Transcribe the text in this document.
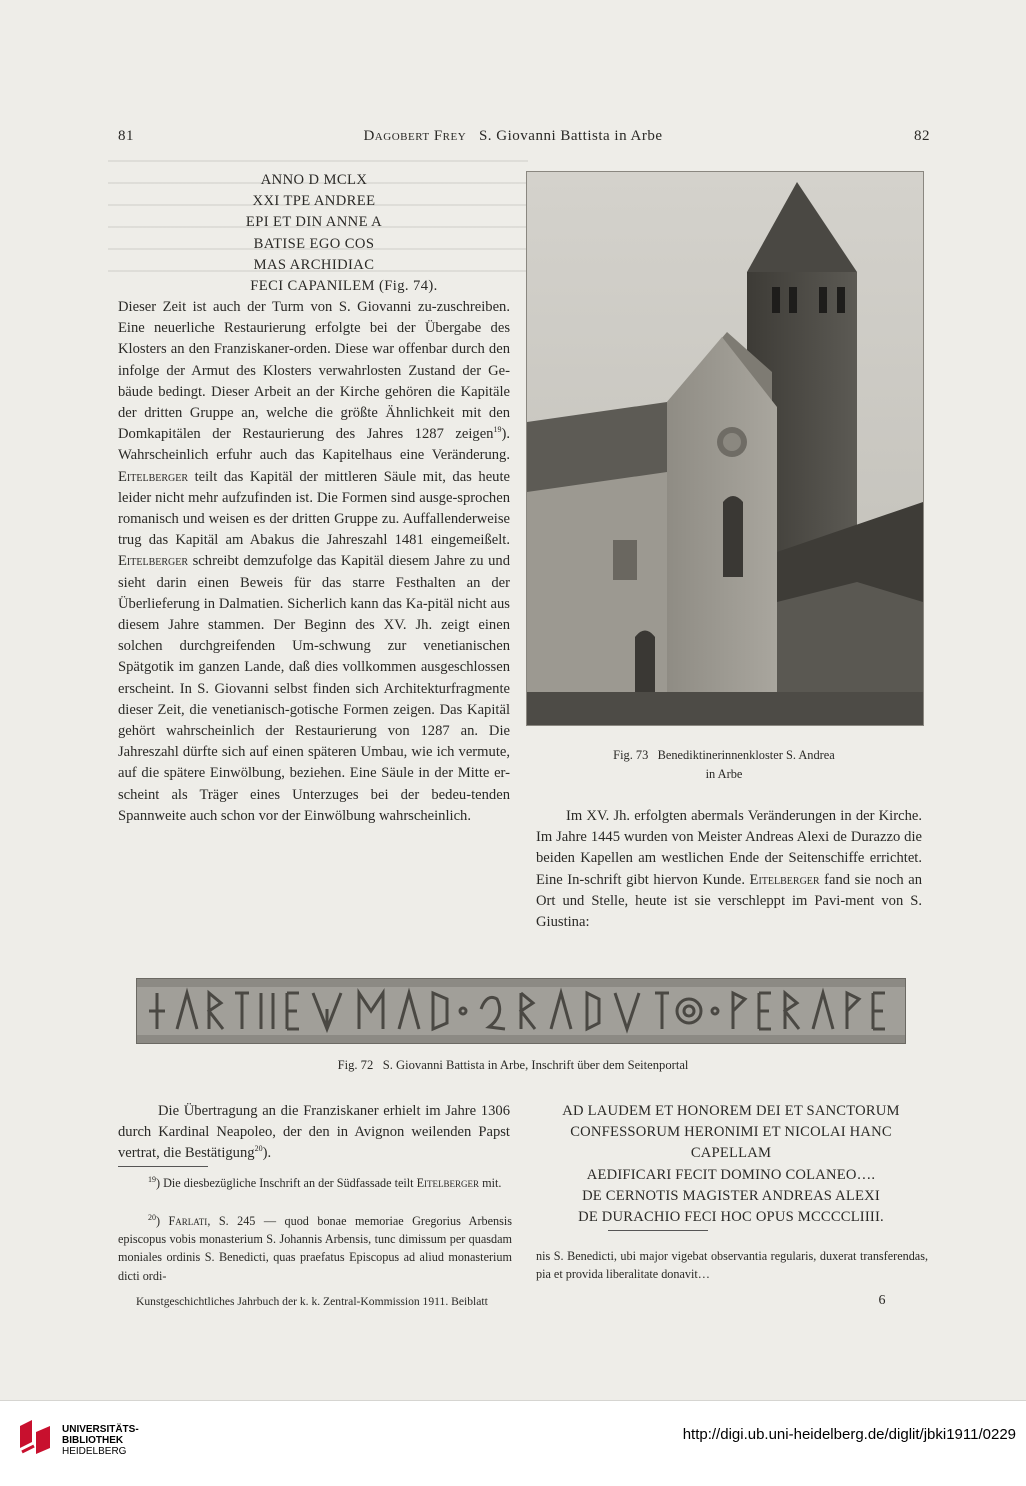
81	Dagobert Frey S. Giovanni Battista in Arbe	82
ANNO D MCLX
XXI TPE ANDREE
EPI ET DIN ANNE A
BATISE EGO COS
MAS ARCHIDIAC
FECI CAPANILEM (Fig. 74).

Dieser Zeit ist auch der Turm von S. Giovanni zu-zuschreiben. Eine neuerliche Restaurierung erfolgte bei der Übergabe des Klosters an den Franziskaner-orden. Diese war offenbar durch den infolge der Armut des Klosters verwahrlosten Zustand der Ge-bäude bedingt. Dieser Arbeit an der Kirche gehören die Kapitäle der dritten Gruppe an, welche die größte Ähnlichkeit mit den Domkapitälen der Restaurierung des Jahres 1287 zeigen$^{19}$). Wahrscheinlich erfuhr auch das Kapitelhaus eine Veränderung. Eitelberger teilt das Kapitäl der mittleren Säule mit, das heute leider nicht mehr aufzufinden ist. Die Formen sind ausge-sprochen romanisch und weisen es der dritten Gruppe zu. Auffallenderweise trug das Kapitäl am Abakus die Jahreszahl 1481 eingemeißelt. Eitelberger schreibt demzufolge das Kapitäl diesem Jahre zu und sieht darin einen Beweis für das starre Festhalten an der Überlieferung in Dalmatien. Sicherlich kann das Ka-pitäl nicht aus diesem Jahre stammen. Der Beginn des XV. Jh. zeigt einen solchen durchgreifenden Um-schwung zur venetianischen Spätgotik im ganzen Lande, daß dies vollkommen ausgeschlossen erscheint. In S. Giovanni selbst finden sich Architekturfragmente dieser Zeit, die venetianisch-gotische Formen zeigen. Das Kapitäl gehört wahrscheinlich der Restaurierung von 1287 an. Die Jahreszahl dürfte sich auf einen späteren Umbau, wie ich vermute, auf die spätere Einwölbung, beziehen. Eine Säule in der Mitte er-scheint als Träger eines Unterzuges bei der bedeu-tenden Spannweite auch schon vor der Einwölbung wahrscheinlich.

Fig. 73 Benediktinerinnenkloster S. Andrea
in Arbe

Im XV. Jh. erfolgten abermals Veränderungen in der Kirche. Im Jahre 1445 wurden von Meister Andreas Alexi de Durazzo die beiden Kapellen am westlichen Ende der Seitenschiffe errichtet. Eine In-schrift gibt hiervon Kunde. Eitelberger fand sie noch an Ort und Stelle, heute ist sie verschleppt im Pavi-ment von S. Giustina:

Fig. 72 S. Giovanni Battista in Arbe, Inschrift über dem Seitenportal

Die Übertragung an die Franziskaner erhielt im Jahre 1306 durch Kardinal Neapoleo, der den in Avignon weilenden Papst vertrat, die Bestätigung$^{20}$).

$^{19}$) Die diesbezügliche Inschrift an der Südfassade teilt Eitelberger mit.
$^{20}$) Farlati, S. 245 — quod bonae memoriae Gregorius Arbensis episcopus vobis monasterium S. Johannis Arbensis, tunc dimissum per quasdam moniales ordinis S. Benedicti, quas praefatus Episcopus ad aliud monasterium dicti ordi-
AD LAUDEM ET HONOREM DEI ET SANCTORUM
CONFESSORUM HERONIMI ET NICOLAI HANC
CAPELLAM
AEDIFICARI FECIT DOMINO COLANEO….
DE CERNOTIS MAGISTER ANDREAS ALEXI
DE DURACHIO FECI HOC OPUS MCCCCLIIII.
nis S. Benedicti, ubi major vigebat observantia regularis, duxerat transferendas, pia et provida liberalitate donavit…
Kunstgeschichtliches Jahrbuch der k. k. Zentral-Kommission 1911. Beiblatt	6
UNIVERSITÄTS-
BIBLIOTHEK
HEIDELBERG
http://digi.ub.uni-heidelberg.de/diglit/jbki1911/0229
